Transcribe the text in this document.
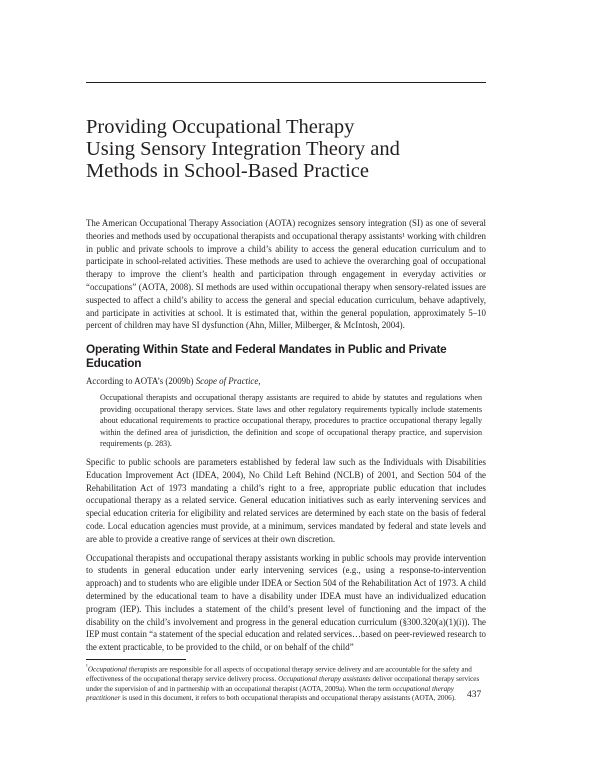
Providing Occupational Therapy
Using Sensory Integration Theory and
Methods in School-Based Practice

The American Occupational Therapy Association (AOTA) recognizes sensory integration (SI) as one of several theories and methods used by occupational therapists and occupational therapy assistants¹ working with children in public and private schools to improve a child’s ability to access the general education curriculum and to participate in school-related activities. These methods are used to achieve the overarching goal of occupational therapy to improve the client’s health and participation through engagement in everyday activities or “occupations” (AOTA, 2008). SI methods are used within occupational therapy when sensory-related issues are suspected to affect a child’s ability to access the general and special education curriculum, behave adaptively, and participate in activities at school. It is estimated that, within the general population, approximately 5–10 percent of children may have SI dysfunction (Ahn, Miller, Milberger, & McIntosh, 2004).

Operating Within State and Federal Mandates in Public and Private Education

According to AOTA’s (2009b) Scope of Practice,

Occupational therapists and occupational therapy assistants are required to abide by statutes and regulations when providing occupational therapy services. State laws and other regulatory requirements typically include statements about educational requirements to practice occupational therapy, procedures to practice occupational therapy legally within the defined area of jurisdiction, the definition and scope of occupational therapy practice, and supervision requirements (p. 283).

Specific to public schools are parameters established by federal law such as the Individuals with Disabilities Education Improvement Act (IDEA, 2004), No Child Left Behind (NCLB) of 2001, and Section 504 of the Rehabilitation Act of 1973 mandating a child’s right to a free, appropriate public education that includes occupational therapy as a related service. General education initiatives such as early intervening services and special education criteria for eligibility and related services are determined by each state on the basis of federal code. Local education agencies must provide, at a minimum, services mandated by federal and state levels and are able to provide a creative range of services at their own discretion.

Occupational therapists and occupational therapy assistants working in public schools may provide intervention to students in general education under early intervening services (e.g., using a response-to-intervention approach) and to students who are eligible under IDEA or Section 504 of the Rehabilitation Act of 1973. A child determined by the educational team to have a disability under IDEA must have an individualized education program (IEP). This includes a statement of the child’s present level of functioning and the impact of the disability on the child’s involvement and progress in the general education curriculum (§300.320(a)(1)(i)). The IEP must contain “a statement of the special education and related services…based on peer-reviewed research to the extent practicable, to be provided to the child, or on behalf of the child”

$^{^1}$Occupational therapists are responsible for all aspects of occupational therapy service delivery and are accountable for the safety and effectiveness of the occupational therapy service delivery process. Occupational therapy assistants deliver occupational therapy services under the supervision of and in partnership with an occupational therapist (AOTA, 2009a). When the term occupational therapy practitioner is used in this document, it refers to both occupational therapists and occupational therapy assistants (AOTA, 2006).	437
